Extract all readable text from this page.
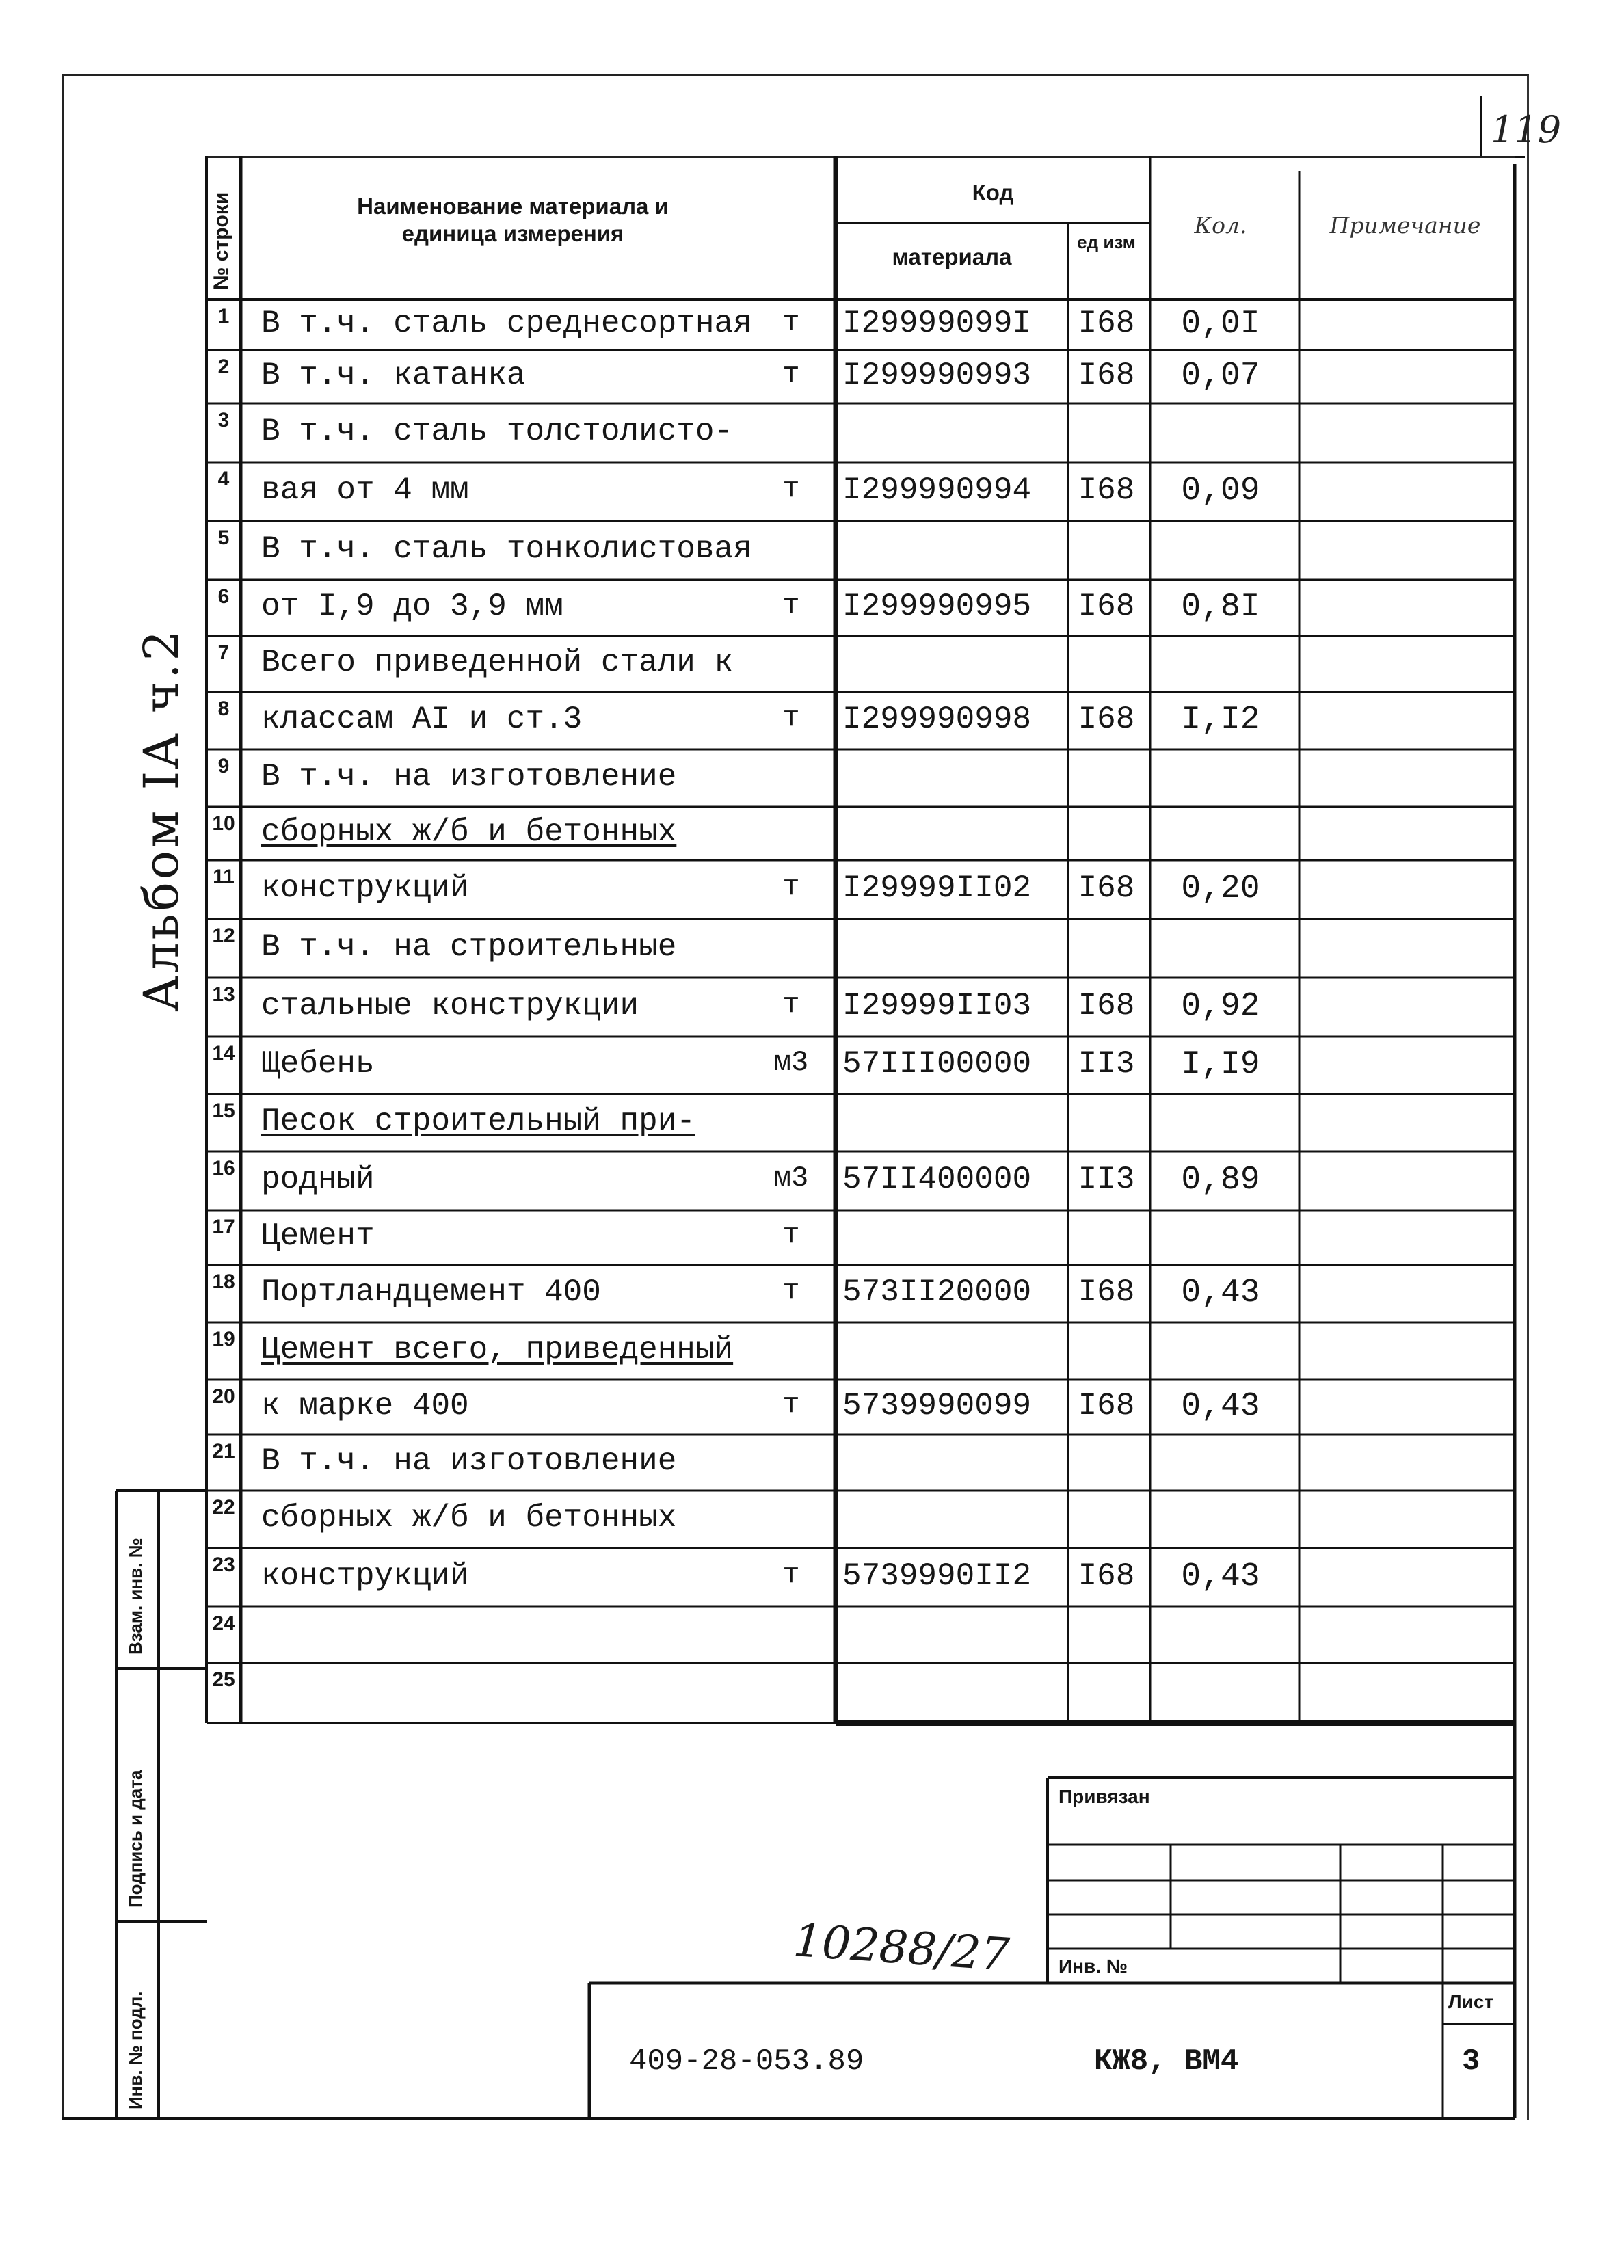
119
Альбом IA ч.2
№ строки	Наименование материала и
единица измерения
Код
материала
ед изм
Кол.	Примечание
1	В т.ч. сталь среднесортная	т	I29999099I	I68	0,0I
2	В т.ч. катанка	т	I299990993	I68	0,07
3	В т.ч. сталь толстолисто-
4	вая от 4 мм	т	I299990994	I68	0,09
5	В т.ч. сталь тонколистовая
6	от I,9 до 3,9 мм	т	I299990995	I68	0,8I
7	Всего приведенной стали к
8	классам AI и ст.3	т	I299990998	I68	I,I2
9	В т.ч. на изготовление
10 сборных ж/б и бетонных
11 конструкций	т	I29999II02	I68	0,20
12 В т.ч. на строительные
13 стальные конструкции	т	I29999II03	I68	0,92
14 Щебень	м3	57III00000	II3	I,I9
15 Песок строительный при-
16 родный	м3	57II400000	II3	0,89
17 Цемент	т
18 Портландцемент 400	т	573II20000	I68	0,43
19 Цемент всего, приведенный
20 к марке 400	т	5739990099	I68	0,43
21 В т.ч. на изготовление
22 сборных ж/б и бетонных
23 конструкций	т	5739990II2	I68	0,43
24
25
Взам. инв. №
Подпись и дата
Инв. № подл.
Привязан
Инв. №
Лист
3
409-28-053.89	КЖ8, ВМ4
10288/27
